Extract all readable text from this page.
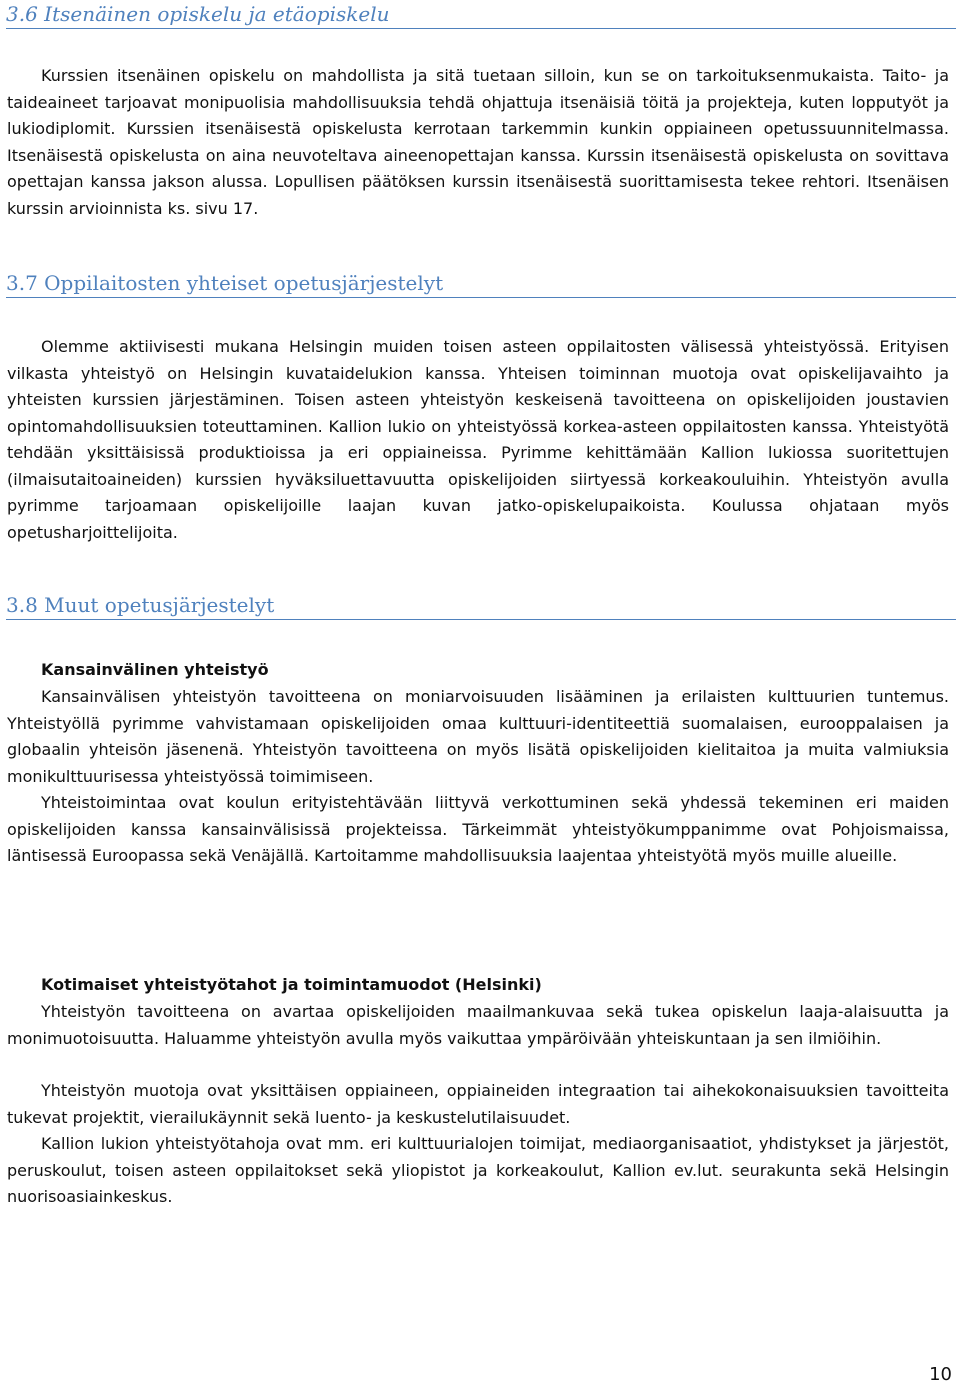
3.6 Itsenäinen opiskelu ja etäopiskelu

Kurssien itsenäinen opiskelu on mahdollista ja sitä tuetaan silloin, kun se on tarkoituksenmukaista. Taito- ja taideaineet tarjoavat monipuolisia mahdollisuuksia tehdä ohjattuja itsenäisiä töitä ja projekteja, kuten lopputyöt ja lukiodiplomit. Kurssien itsenäisestä opiskelusta kerrotaan tarkemmin kunkin oppiaineen opetussuunnitelmassa. Itsenäisestä opiskelusta on aina neuvoteltava aineenopettajan kanssa. Kurssin itsenäisestä opiskelusta on sovittava opettajan kanssa jakson alussa. Lopullisen päätöksen kurssin itsenäisestä suorittamisesta tekee rehtori. Itsenäisen kurssin arvioinnista ks. sivu 17.

3.7 Oppilaitosten yhteiset opetusjärjestelyt

Olemme aktiivisesti mukana Helsingin muiden toisen asteen oppilaitosten välisessä yhteistyössä. Erityisen vilkasta yhteistyö on Helsingin kuvataidelukion kanssa. Yhteisen toiminnan muotoja ovat opiskelijavaihto ja yhteisten kurssien järjestäminen. Toisen asteen yhteistyön keskeisenä tavoitteena on opiskelijoiden joustavien opintomahdollisuuksien toteuttaminen. Kallion lukio on yhteistyössä korkea-asteen oppilaitosten kanssa. Yhteistyötä tehdään yksittäisissä produktioissa ja eri oppiaineissa. Pyrimme kehittämään Kallion lukiossa suoritettujen (ilmaisutaitoaineiden) kurssien hyväksiluettavuutta opiskelijoiden siirtyessä korkeakouluihin. Yhteistyön avulla pyrimme tarjoamaan opiskelijoille laajan kuvan jatko-opiskelupaikoista. Koulussa ohjataan myös opetusharjoittelijoita.

3.8 Muut opetusjärjestelyt
Kansainvälinen yhteistyö

Kansainvälisen yhteistyön tavoitteena on moniarvoisuuden lisääminen ja erilaisten kulttuurien tuntemus. Yhteistyöllä pyrimme vahvistamaan opiskelijoiden omaa kulttuuri-identiteettiä suomalaisen, eurooppalaisen ja globaalin yhteisön jäsenenä. Yhteistyön tavoitteena on myös lisätä opiskelijoiden kielitaitoa ja muita valmiuksia monikulttuurisessa yhteistyössä toimimiseen.

Yhteistoimintaa ovat koulun erityistehtävään liittyvä verkottuminen sekä yhdessä tekeminen eri maiden opiskelijoiden kanssa kansainvälisissä projekteissa. Tärkeimmät yhteistyökumppanimme ovat Pohjoismaissa, läntisessä Euroopassa sekä Venäjällä. Kartoitamme mahdollisuuksia laajentaa yhteistyötä myös muille alueille.

Kotimaiset yhteistyötahot ja toimintamuodot (Helsinki)

Yhteistyön tavoitteena on avartaa opiskelijoiden maailmankuvaa sekä tukea opiskelun laaja-alaisuutta ja monimuotoisuutta. Haluamme yhteistyön avulla myös vaikuttaa ympäröivään yhteiskuntaan ja sen ilmiöihin.

Yhteistyön muotoja ovat yksittäisen oppiaineen, oppiaineiden integraation tai aihekokonaisuuksien tavoitteita tukevat projektit, vierailukäynnit sekä luento- ja keskustelutilaisuudet.

Kallion lukion yhteistyötahoja ovat mm. eri kulttuurialojen toimijat, mediaorganisaatiot, yhdistykset ja järjestöt, peruskoulut, toisen asteen oppilaitokset sekä yliopistot ja korkeakoulut, Kallion ev.lut. seurakunta sekä Helsingin nuorisoasiainkeskus.

10
